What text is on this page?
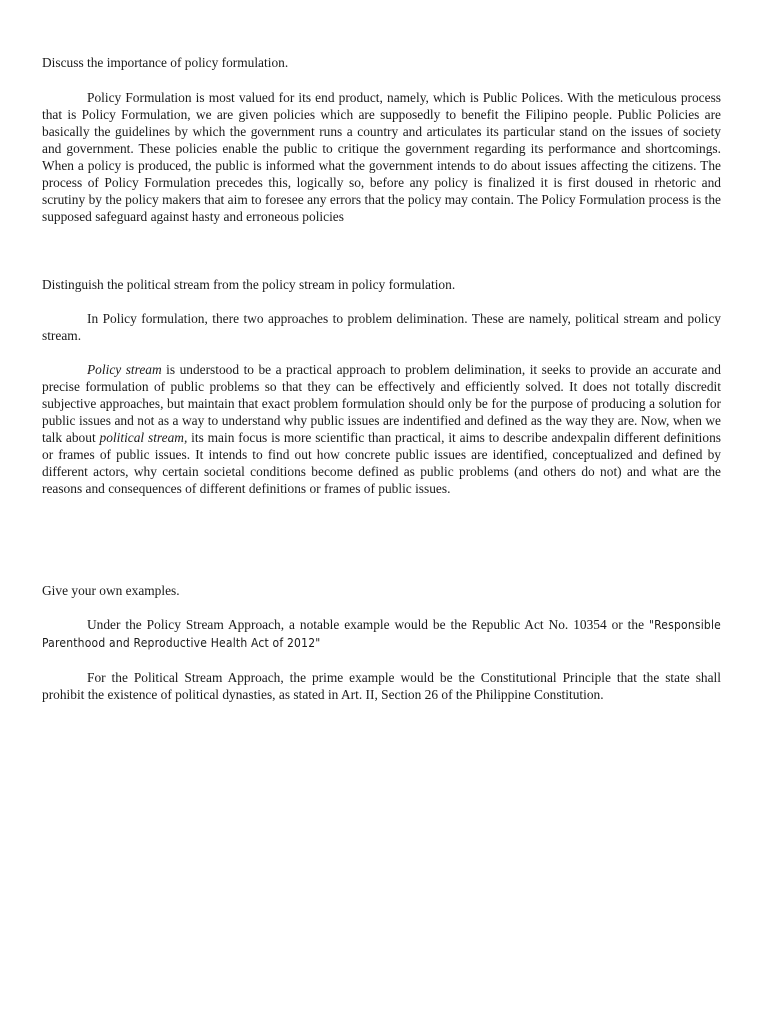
Discuss the importance of policy formulation.

Policy Formulation is most valued for its end product, namely, which is Public Polices. With the meticulous process that is Policy Formulation, we are given policies which are supposedly to benefit the Filipino people. Public Policies are basically the guidelines by which the government runs a country and articulates its particular stand on the issues of society and government. These policies enable the public to critique the government regarding its performance and shortcomings. When a policy is produced, the public is informed what the government intends to do about issues affecting the citizens. The process of Policy Formulation precedes this, logically so, before any policy is finalized it is first doused in rhetoric and scrutiny by the policy makers that aim to foresee any errors that the policy may contain. The Policy Formulation process is the supposed safeguard against hasty and erroneous policies

Distinguish the political stream from the policy stream in policy formulation.

In Policy formulation, there two approaches to problem delimination. These are namely, political stream and policy stream.

Policy stream is understood to be a practical approach to problem delimination, it seeks to provide an accurate and precise formulation of public problems so that they can be effectively and efficiently solved. It does not totally discredit subjective approaches, but maintain that exact problem formulation should only be for the purpose of producing a solution for public issues and not as a way to understand why public issues are indentified and defined as the way they are. Now, when we talk about political stream, its main focus is more scientific than practical, it aims to describe andexpalin different definitions or frames of public issues. It intends to find out how concrete public issues are identified, conceptualized and defined by different actors, why certain societal conditions become defined as public problems (and others do not) and what are the reasons and consequences of different definitions or frames of public issues.

Give your own examples.

Under the Policy Stream Approach, a notable example would be the Republic Act No. 10354 or the "Responsible Parenthood and Reproductive Health Act of 2012"

For the Political Stream Approach, the prime example would be the Constitutional Principle that the state shall prohibit the existence of political dynasties, as stated in Art. II, Section 26 of the Philippine Constitution.
